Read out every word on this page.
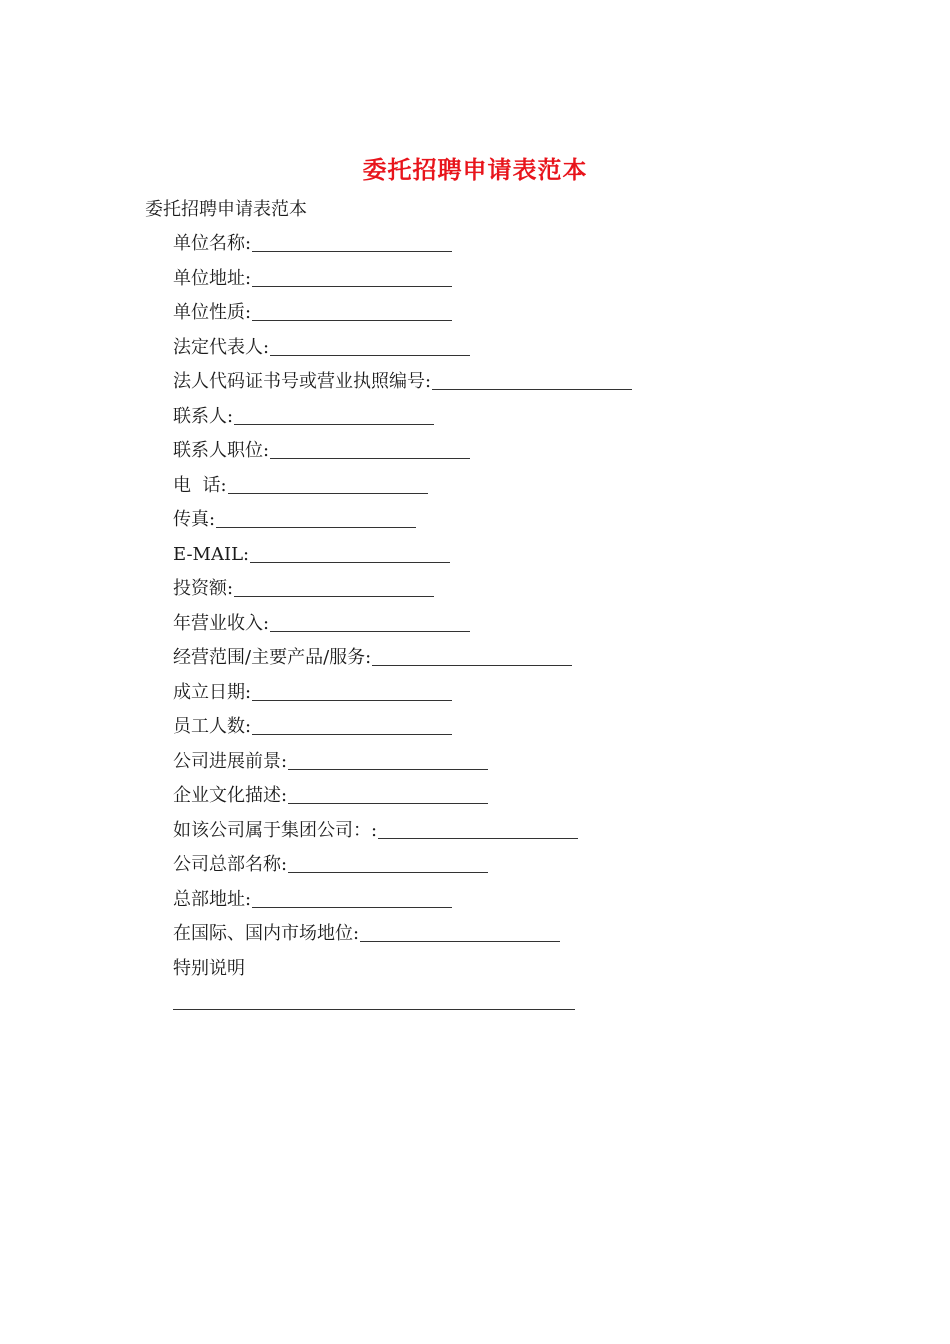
委托招聘申请表范本
委托招聘申请表范本
单位名称:
单位地址:
单位性质:
法定代表人:
法人代码证书号或营业执照编号:
联系人:
联系人职位:
电  话:
传真:
E-MAIL:
投资额:
年营业收入:
经营范围/主要产品/服务:
成立日期:
员工人数:
公司进展前景:
企业文化描述:
如该公司属于集团公司：:
公司总部名称:
总部地址:
在国际、国内市场地位:
特别说明
